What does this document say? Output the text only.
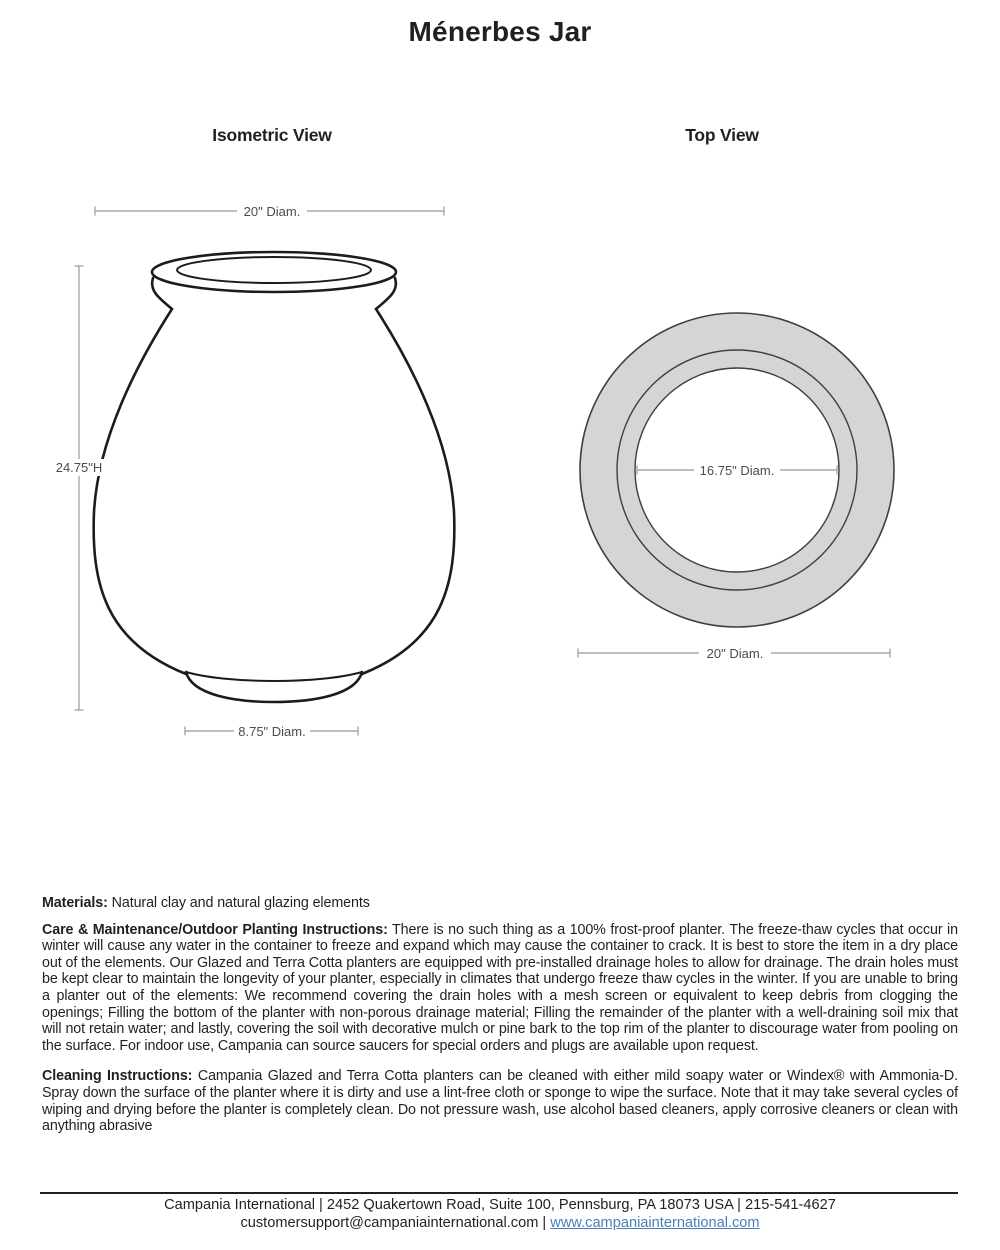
Ménerbes Jar
Isometric View	Top View
20" Diam.
24.75"H
8.75" Diam.
16.75" Diam.
20" Diam.

Materials: Natural clay and natural glazing elements

Care & Maintenance/Outdoor Planting Instructions: There is no such thing as a 100% frost-proof planter. The freeze-thaw cycles that occur in winter will cause any water in the container to freeze and expand which may cause the container to crack. It is best to store the item in a dry place out of the elements. Our Glazed and Terra Cotta planters are equipped with pre-installed drainage holes to allow for drainage. The drain holes must be kept clear to maintain the longevity of your planter, especially in climates that undergo freeze thaw cycles in the winter. If you are unable to bring a planter out of the elements: We recommend covering the drain holes with a mesh screen or equivalent to keep debris from clogging the openings; Filling the bottom of the planter with non-porous drainage material; Filling the remainder of the planter with a well-draining soil mix that will not retain water; and lastly, covering the soil with decorative mulch or pine bark to the top rim of the planter to discourage water from pooling on the surface. For indoor use, Campania can source saucers for special orders and plugs are available upon request.

Cleaning Instructions: Campania Glazed and Terra Cotta planters can be cleaned with either mild soapy water or Windex® with Ammonia-D. Spray down the surface of the planter where it is dirty and use a lint-free cloth or sponge to wipe the surface. Note that it may take several cycles of wiping and drying before the planter is completely clean. Do not pressure wash, use alcohol based cleaners, apply corrosive cleaners or clean with anything abrasive

Campania International | 2452 Quakertown Road, Suite 100, Pennsburg, PA 18073 USA | 215-541-4627
customersupport@campaniainternational.com | www.campaniainternational.com
